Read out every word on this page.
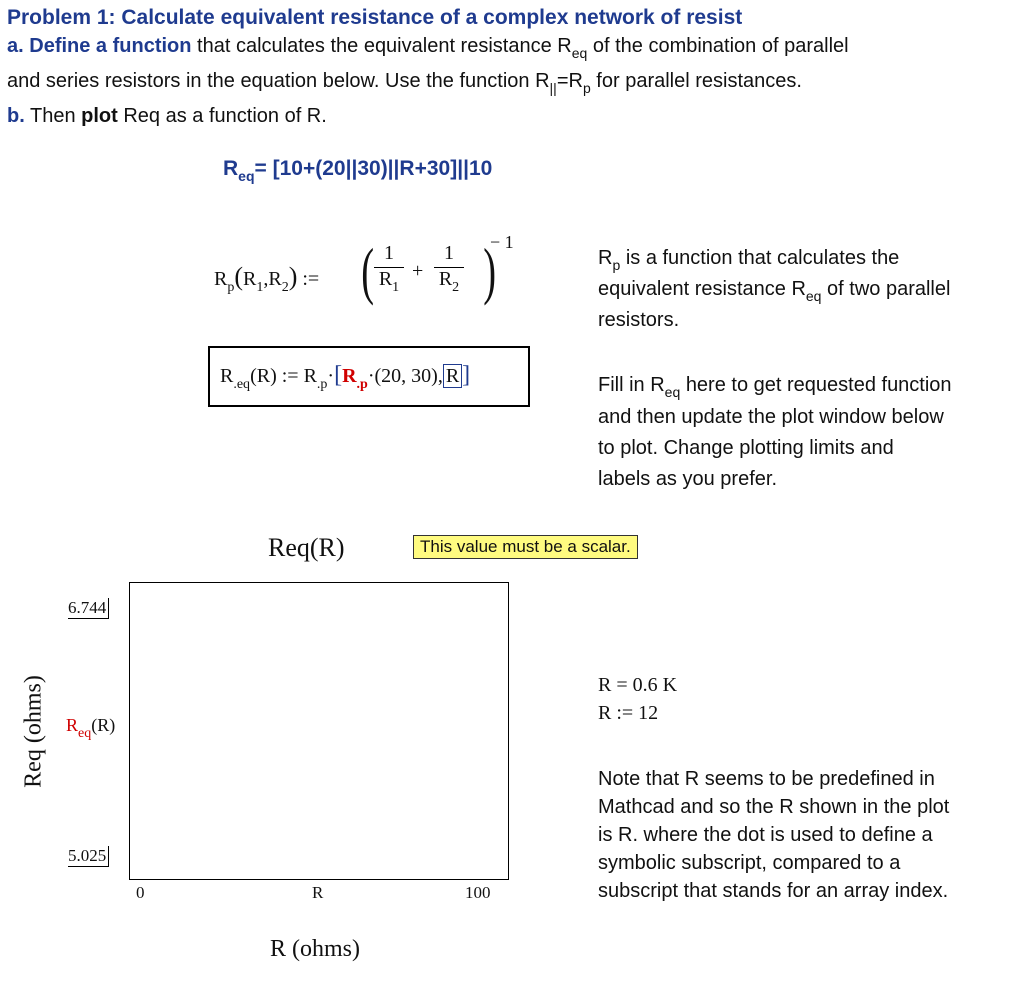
Problem 1: Calculate equivalent resistance of a complex network of resist
a. Define a function that calculates the equivalent resistance $R_{eq}$ of the combination of parallel
and series resistors in the equation below. Use the function $R_{||}=R_p$ for parallel resistances.
b. Then plot Req as a function of R.
$R_{eq}= [10+(20||30)||R+30]||10$
$R_p(R_1,R_2)$ := ( )
1
$R_1$
+
1
$R_2$
− 1
$R_{.eq}(R)$ := $R_{.p}\cdot[R_{.p}\cdot(20$, 30), R ]
$R_p$ is a function that calculates the
equivalent resistance $R_{eq}$ of two parallel
resistors.
Fill in $R_{eq}$ here to get requested function
and then update the plot window below
to plot. Change plotting limits and
labels as you prefer.
R = 0.6 K
R := 12
Note that R seems to be predefined in
Mathcad and so the R shown in the plot
is R. where the dot is used to define a
symbolic subscript, compared to a
subscript that stands for an array index.
Req(R)	This value must be a scalar.
6.744
5.025
$R_{eq}(R)$
Req (ohms)
0	R	100
R (ohms)
